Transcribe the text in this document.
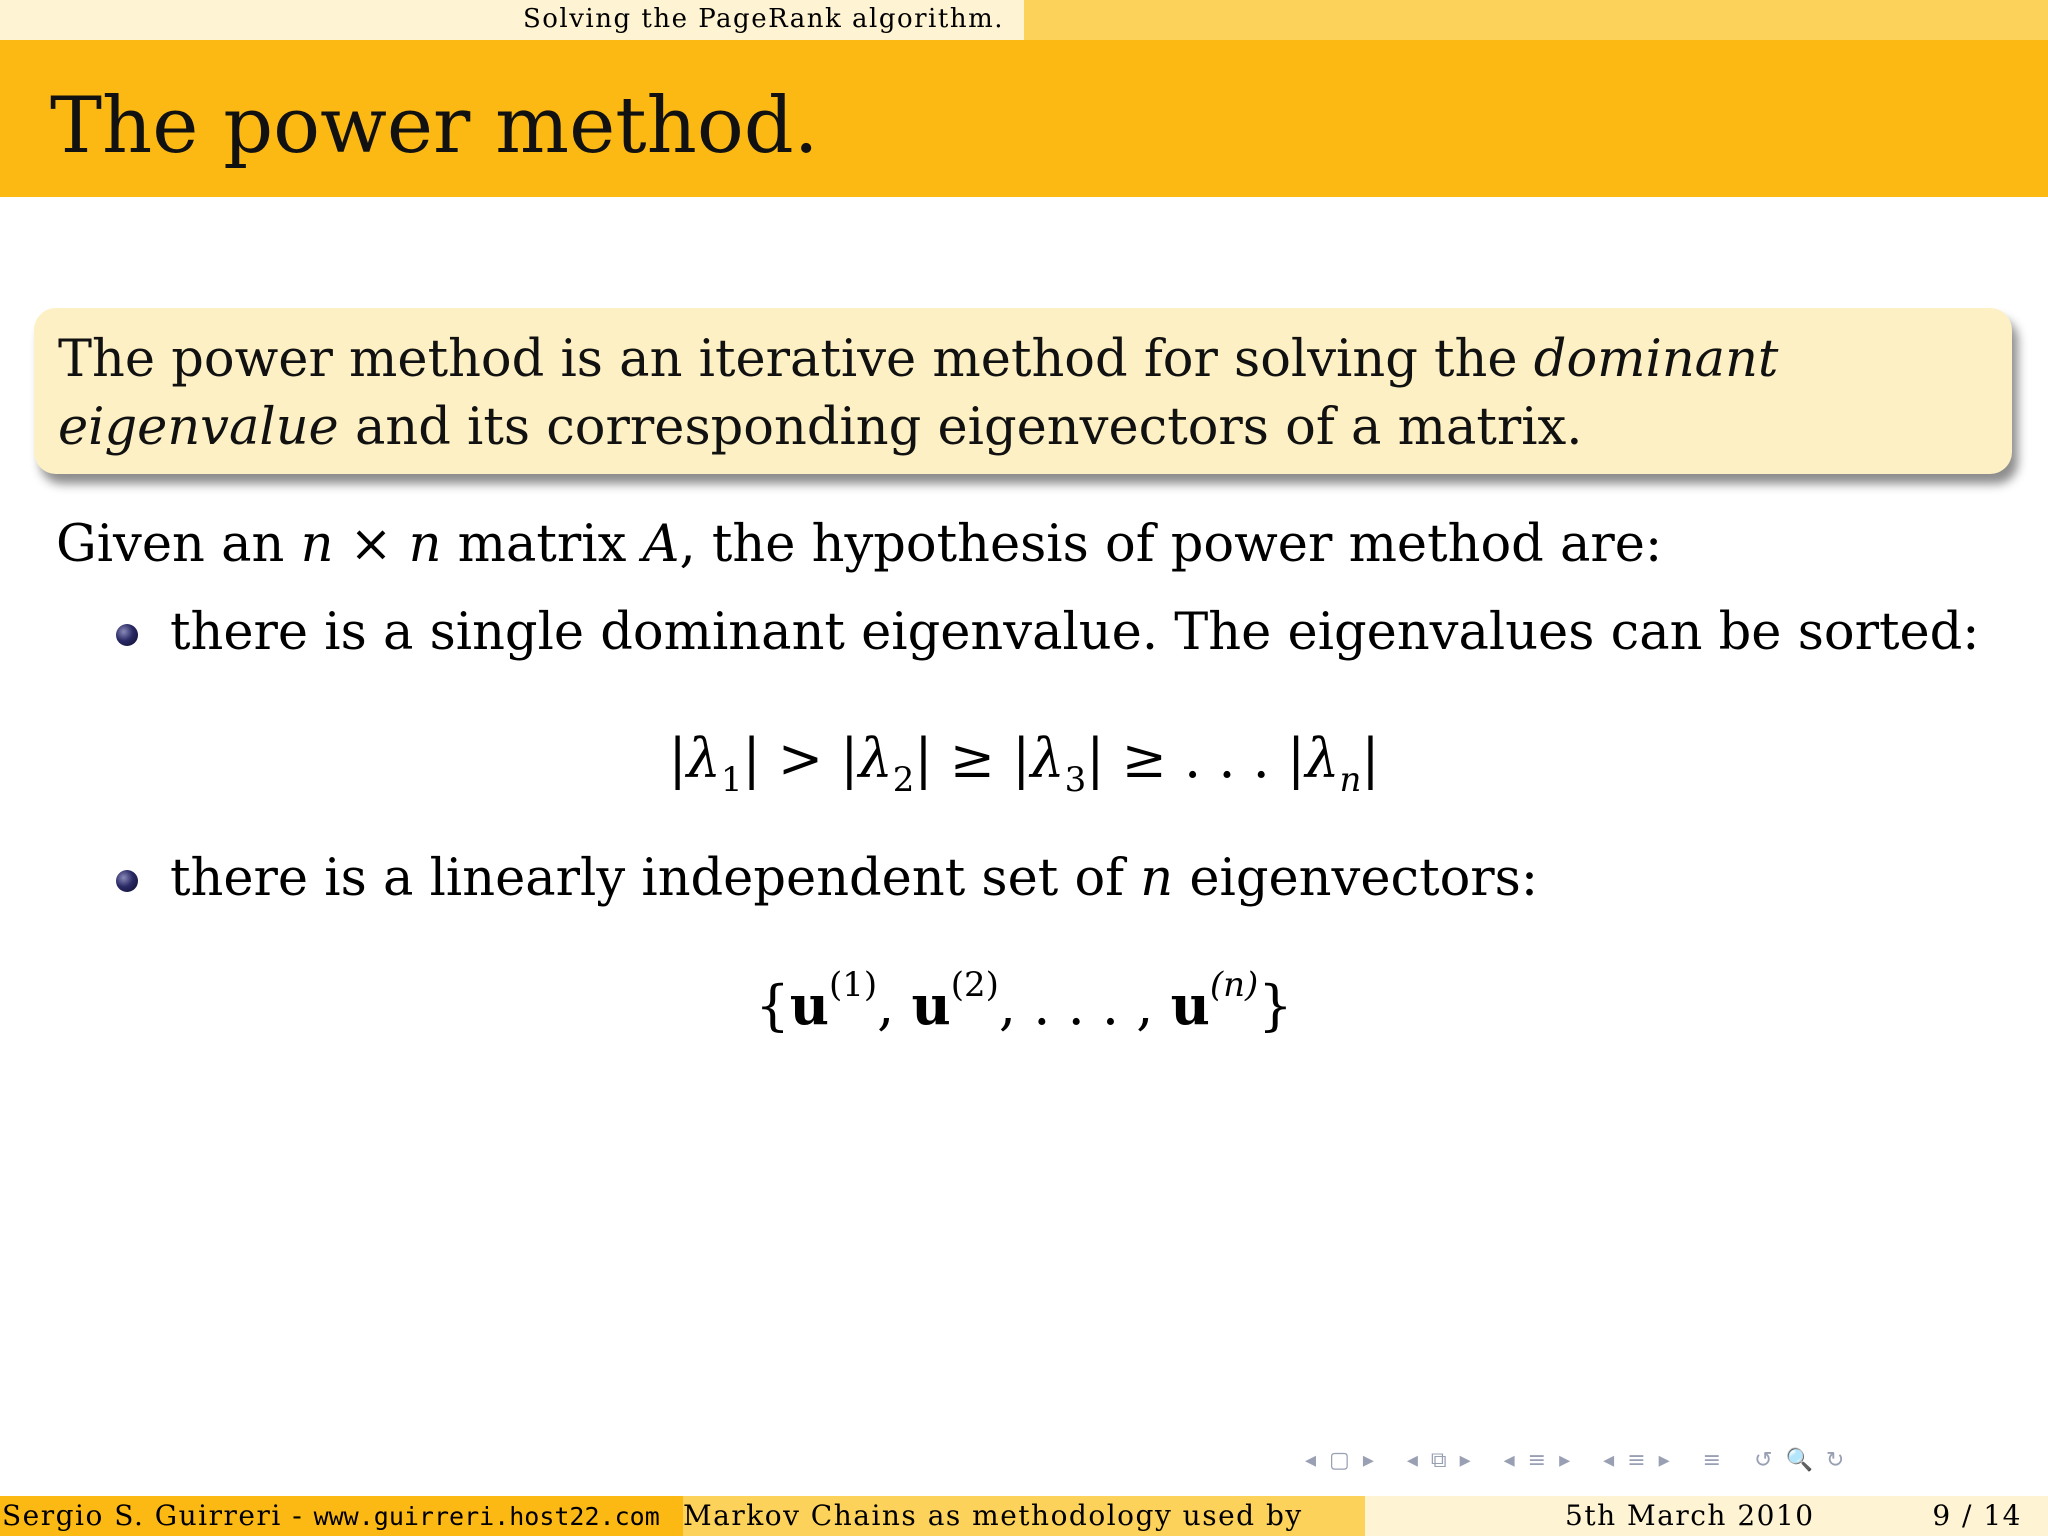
Solving the PageRank algorithm.
The power method.
The power method is an iterative method for solving the dominant eigenvalue and its corresponding eigenvectors of a matrix.
Given an n × n matrix A, the hypothesis of power method are:
there is a single dominant eigenvalue. The eigenvalues can be sorted:
$|\lambda_1| > |\lambda_2| \ge |\lambda_3|$ ≥ . . . $|\lambda_n|$
there is a linearly independent set of n eigenvectors:
{$u^{(1)}$, $u^{(2)}$, . . . , $u^{(n)}$}
◂ ▢ ▸ ◂ ⧉ ▸ ◂ ≡ ▸ ◂ ≡ ▸ ≡ ↺ 🔍 ↻
Sergio S. Guirreri - www.guirreri.host22.com Markov Chains as methodology used by	5th March 2010	9 / 14
